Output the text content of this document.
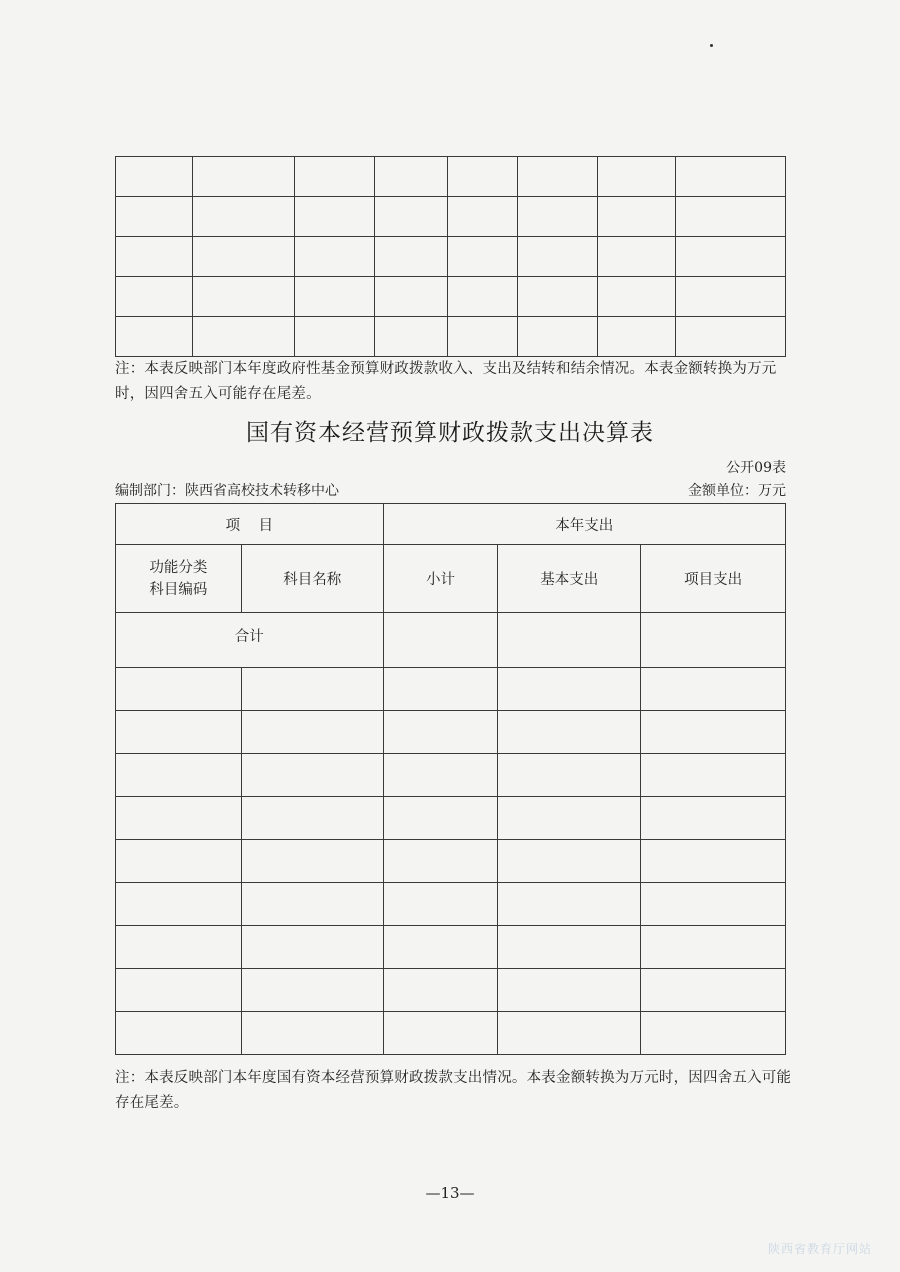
注：本表反映部门本年度政府性基金预算财政拨款收入、支出及结转和结余情况。本表金额转换为万元时，因四舍五入可能存在尾差。
国有资本经营预算财政拨款支出决算表
公开09表
编制部门：陕西省高校技术转移中心	金额单位：万元
项    目		本年支出		

功能分类
科目编码	科目名称	小计	基本支出	项目支出
合计				

注：本表反映部门本年度国有资本经营预算财政拨款支出情况。本表金额转换为万元时，因四舍五入可能存在尾差。
—13—
陕西省教育厅网站
